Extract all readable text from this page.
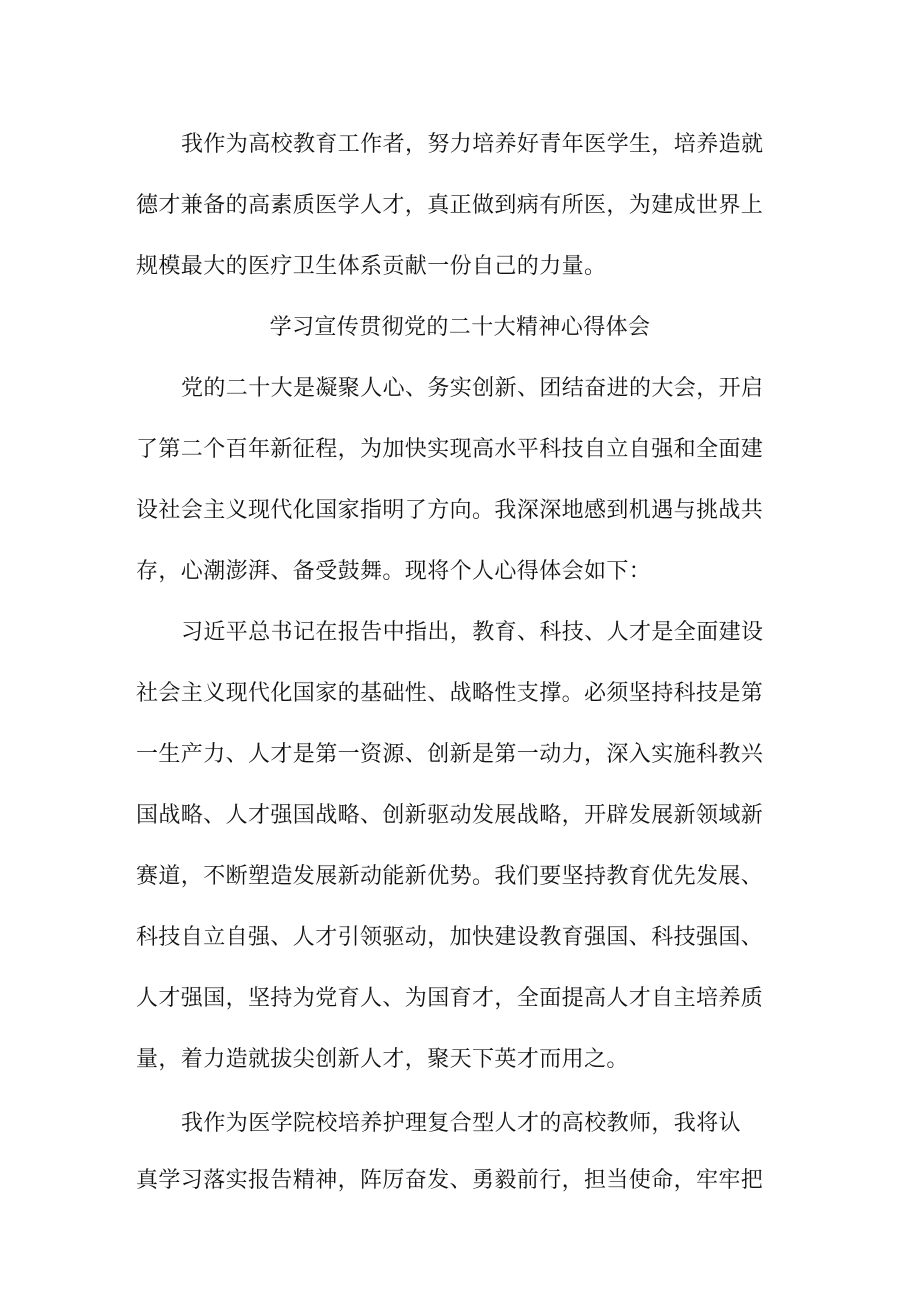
我作为高校教育工作者，努力培养好青年医学生，培养造就
德才兼备的高素质医学人才，真正做到病有所医，为建成世界上
规模最大的医疗卫生体系贡献一份自己的力量。
学习宣传贯彻党的二十大精神心得体会
党的二十大是凝聚人心、务实创新、团结奋进的大会，开启
了第二个百年新征程，为加快实现高水平科技自立自强和全面建
设社会主义现代化国家指明了方向。我深深地感到机遇与挑战共
存，心潮澎湃、备受鼓舞。现将个人心得体会如下：
习近平总书记在报告中指出，教育、科技、人才是全面建设
社会主义现代化国家的基础性、战略性支撑。必须坚持科技是第
一生产力、人才是第一资源、创新是第一动力，深入实施科教兴
国战略、人才强国战略、创新驱动发展战略，开辟发展新领域新
赛道，不断塑造发展新动能新优势。我们要坚持教育优先发展、
科技自立自强、人才引领驱动，加快建设教育强国、科技强国、
人才强国，坚持为党育人、为国育才，全面提高人才自主培养质
量，着力造就拔尖创新人才，聚天下英才而用之。
我作为医学院校培养护理复合型人才的高校教师，我将认
真学习落实报告精神，阵厉奋发、勇毅前行，担当使命，牢牢把
